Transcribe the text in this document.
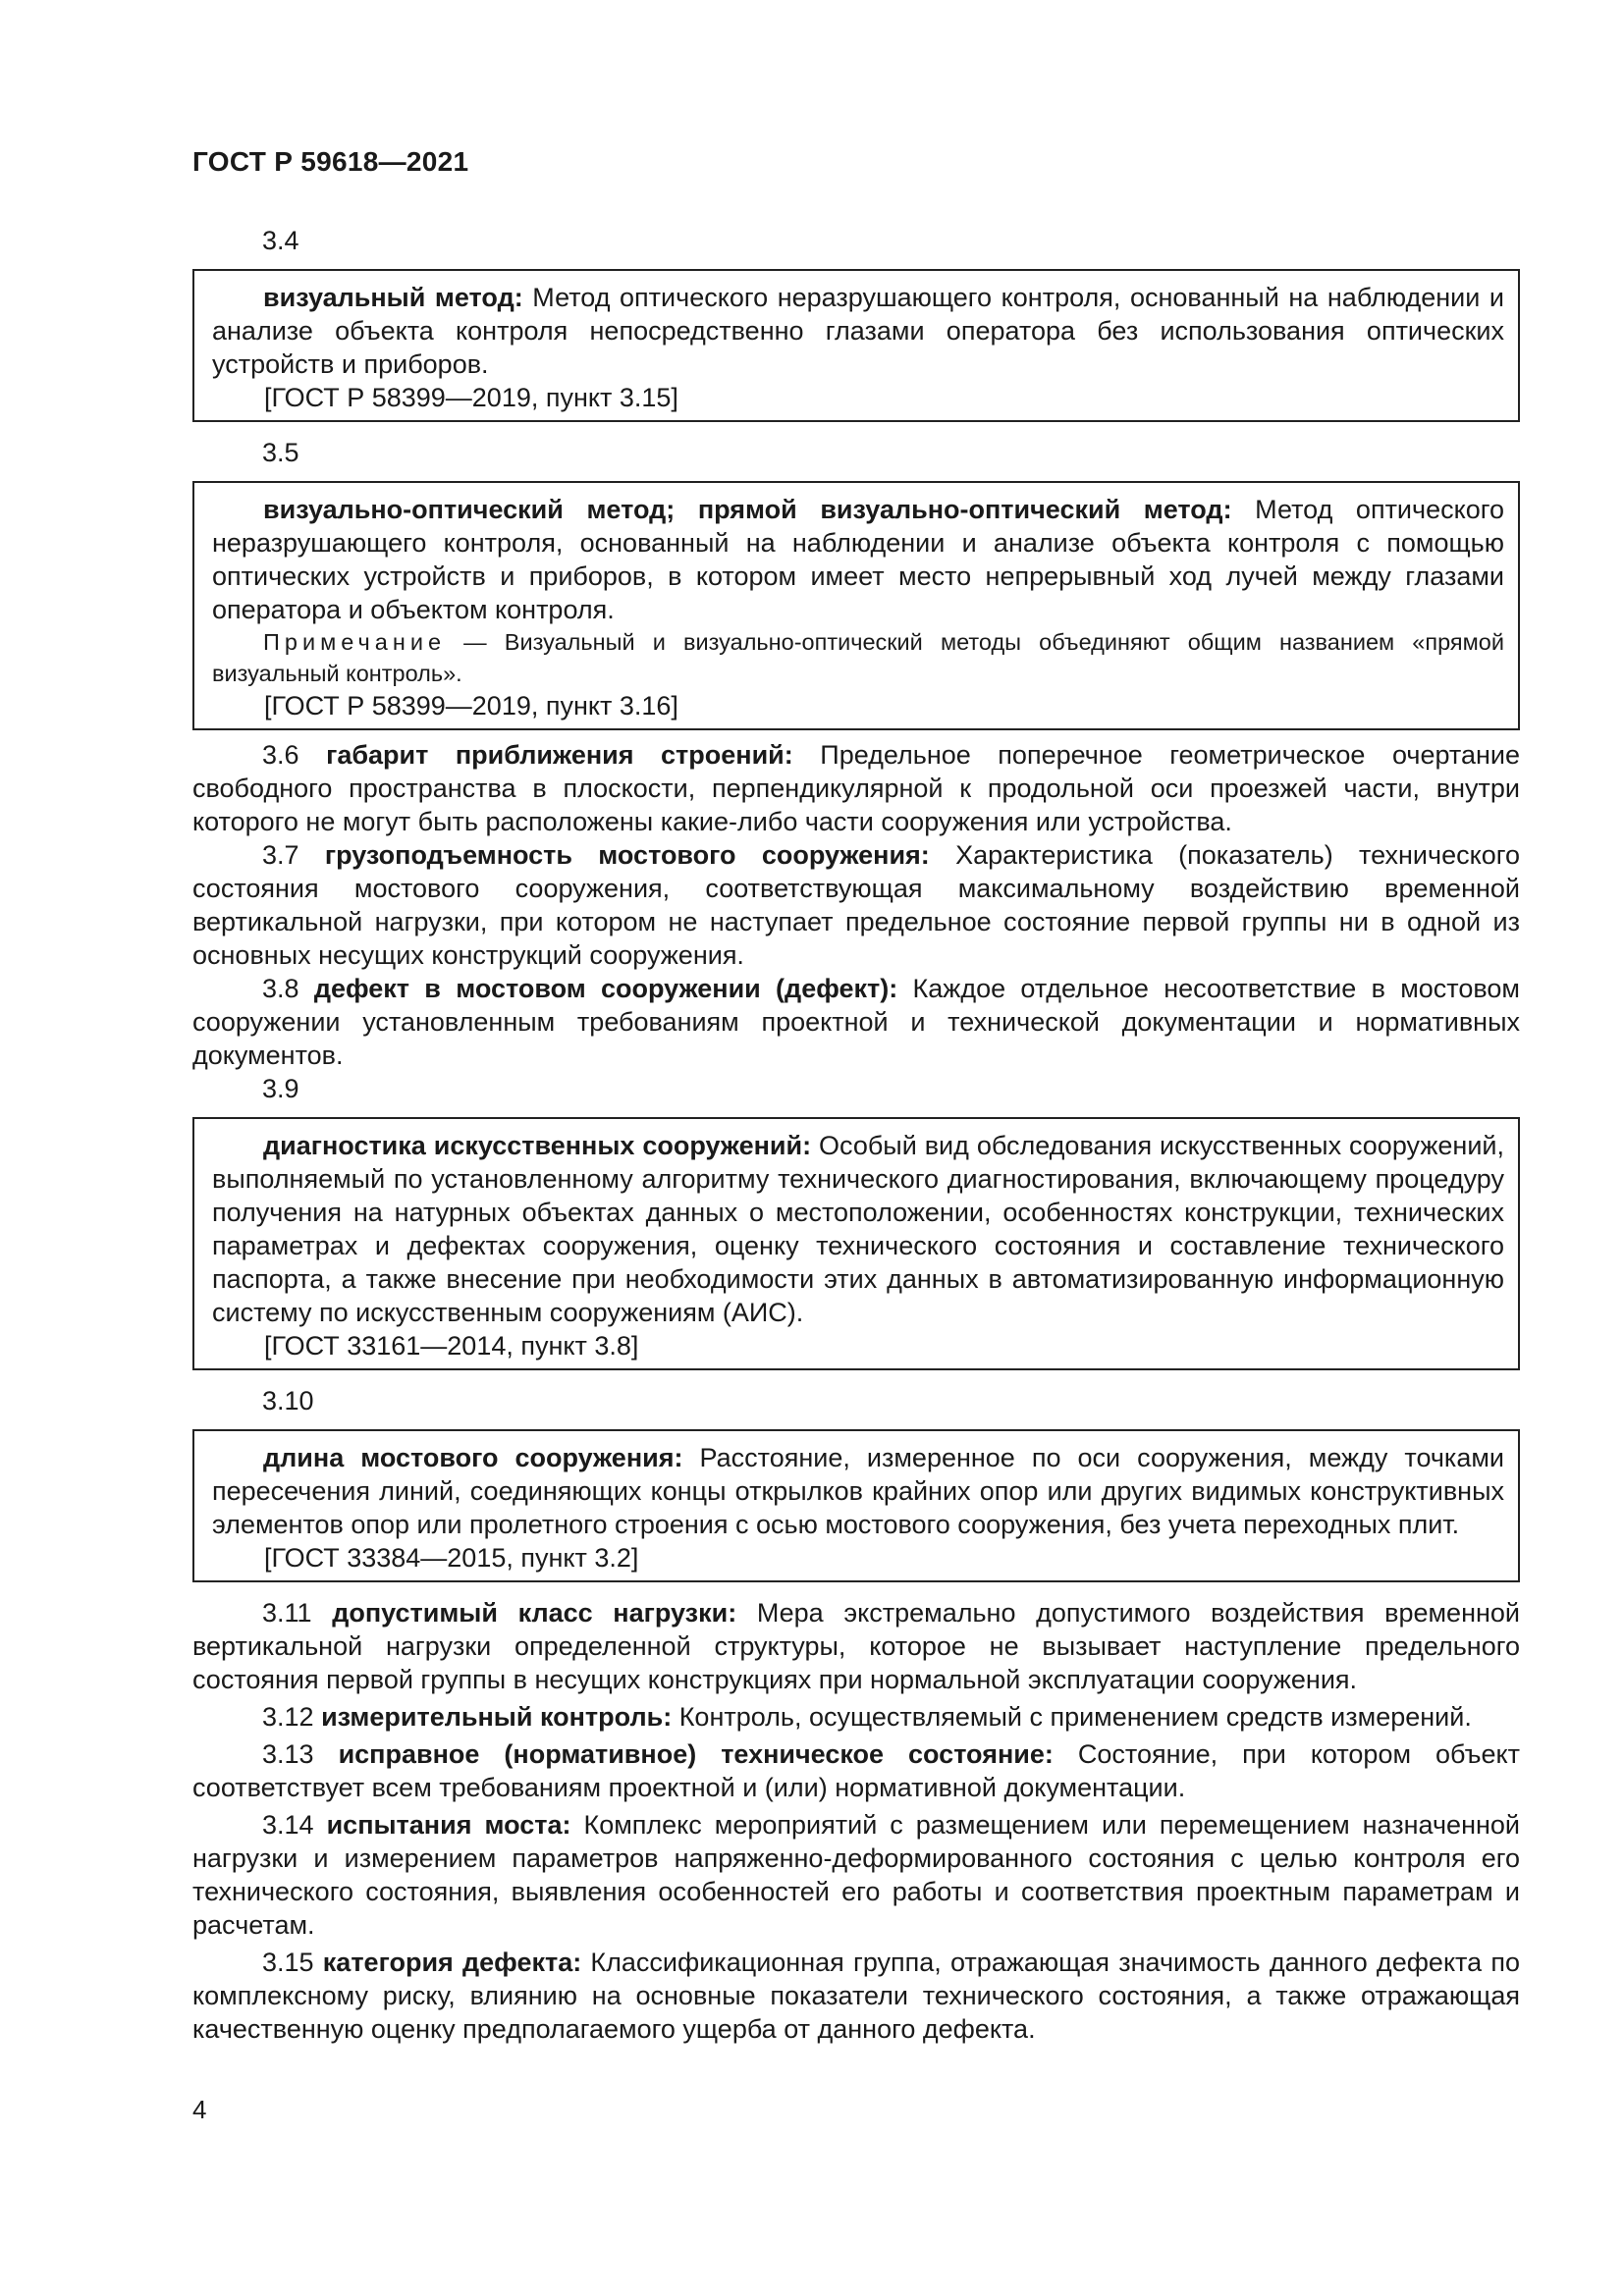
ГОСТ Р 59618—2021

3.4

визуальный метод: Метод оптического неразрушающего контроля, основанный на наблюдении и анализе объекта контроля непосредственно глазами оператора без использования оптических устройств и приборов.

[ГОСТ Р 58399—2019, пункт 3.15]

3.5

визуально-оптический метод; прямой визуально-оптический метод: Метод оптического неразрушающего контроля, основанный на наблюдении и анализе объекта контроля с помощью оптических устройств и приборов, в котором имеет место непрерывный ход лучей между глазами оператора и объектом контроля.

Примечание — Визуальный и визуально-оптический методы объединяют общим названием «прямой визуальный контроль».

[ГОСТ Р 58399—2019, пункт 3.16]

3.6 габарит приближения строений: Предельное поперечное геометрическое очертание свободного пространства в плоскости, перпендикулярной к продольной оси проезжей части, внутри которого не могут быть расположены какие-либо части сооружения или устройства.

3.7 грузоподъемность мостового сооружения: Характеристика (показатель) технического состояния мостового сооружения, соответствующая максимальному воздействию временной вертикальной нагрузки, при котором не наступает предельное состояние первой группы ни в одной из основных несущих конструкций сооружения.

3.8 дефект в мостовом сооружении (дефект): Каждое отдельное несоответствие в мостовом сооружении установленным требованиям проектной и технической документации и нормативных документов.

3.9

диагностика искусственных сооружений: Особый вид обследования искусственных сооружений, выполняемый по установленному алгоритму технического диагностирования, включающему процедуру получения на натурных объектах данных о местоположении, особенностях конструкции, технических параметрах и дефектах сооружения, оценку технического состояния и составление технического паспорта, а также внесение при необходимости этих данных в автоматизированную информационную систему по искусственным сооружениям (АИС).

[ГОСТ 33161—2014, пункт 3.8]

3.10

длина мостового сооружения: Расстояние, измеренное по оси сооружения, между точками пересечения линий, соединяющих концы открылков крайних опор или других видимых конструктивных элементов опор или пролетного строения с осью мостового сооружения, без учета переходных плит.

[ГОСТ 33384—2015, пункт 3.2]

3.11 допустимый класс нагрузки: Мера экстремально допустимого воздействия временной вертикальной нагрузки определенной структуры, которое не вызывает наступление предельного состояния первой группы в несущих конструкциях при нормальной эксплуатации сооружения.

3.12 измерительный контроль: Контроль, осуществляемый с применением средств измерений.

3.13 исправное (нормативное) техническое состояние: Состояние, при котором объект соответствует всем требованиям проектной и (или) нормативной документации.

3.14 испытания моста: Комплекс мероприятий с размещением или перемещением назначенной нагрузки и измерением параметров напряженно-деформированного состояния с целью контроля его технического состояния, выявления особенностей его работы и соответствия проектным параметрам и расчетам.

3.15 категория дефекта: Классификационная группа, отражающая значимость данного дефекта по комплексному риску, влиянию на основные показатели технического состояния, а также отражающая качественную оценку предполагаемого ущерба от данного дефекта.

4
